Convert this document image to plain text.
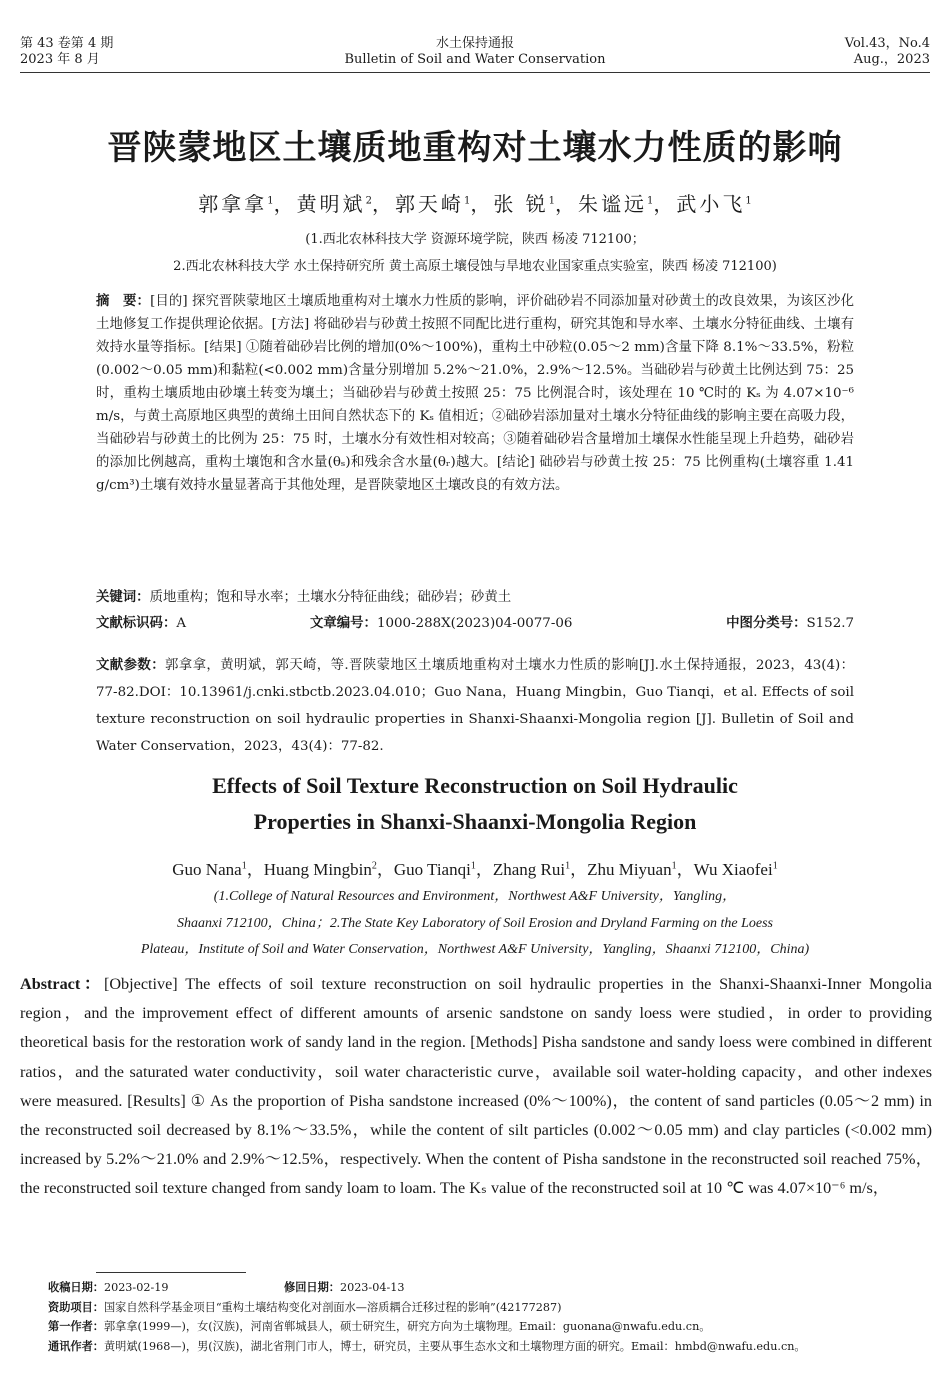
第 43 卷第 4 期
2023 年 8 月
水土保持通报
Bulletin of Soil and Water Conservation
Vol.43，No.4
Aug.，2023
晋陕蒙地区土壤质地重构对土壤水力性质的影响
郭拿拿$^1$，黄明斌$^2$，郭天崎$^1$，张 锐$^1$，朱谧远$^1$，武小飞$^1$
(1.西北农林科技大学 资源环境学院，陕西 杨凌 712100；
2.西北农林科技大学 水土保持研究所 黄土高原土壤侵蚀与旱地农业国家重点实验室，陕西 杨凌 712100)
摘　要：[目的] 探究晋陕蒙地区土壤质地重构对土壤水力性质的影响，评价础砂岩不同添加量对砂黄土的改良效果，为该区沙化土地修复工作提供理论依据。[方法] 将础砂岩与砂黄土按照不同配比进行重构，研究其饱和导水率、土壤水分特征曲线、土壤有效持水量等指标。[结果] ①随着础砂岩比例的增加(0%～100%)，重构土中砂粒(0.05～2 mm)含量下降 8.1%～33.5%，粉粒(0.002～0.05 mm)和黏粒(<0.002 mm)含量分别增加 5.2%～21.0%，2.9%～12.5%。当础砂岩与砂黄土比例达到 75：25 时，重构土壤质地由砂壤土转变为壤土；当础砂岩与砂黄土按照 25：75 比例混合时，该处理在 10 ℃时的 Kₛ 为 4.07×10⁻⁶ m/s，与黄土高原地区典型的黄绵土田间自然状态下的 Kₛ 值相近；②础砂岩添加量对土壤水分特征曲线的影响主要在高吸力段，当础砂岩与砂黄土的比例为 25：75 时，土壤水分有效性相对较高；③随着础砂岩含量增加土壤保水性能呈现上升趋势，础砂岩的添加比例越高，重构土壤饱和含水量(θₛ)和残余含水量(θᵣ)越大。[结论] 础砂岩与砂黄土按 25：75 比例重构(土壤容重 1.41 g/cm³)土壤有效持水量显著高于其他处理，是晋陕蒙地区土壤改良的有效方法。
关键词：质地重构；饱和导水率；土壤水分特征曲线；础砂岩；砂黄土
文献标识码：A	文章编号：1000-288X(2023)04-0077-06	中图分类号：S152.7
文献参数：郭拿拿，黄明斌，郭天崎，等.晋陕蒙地区土壤质地重构对土壤水力性质的影响[J].水土保持通报，2023，43(4)：77-82.DOI：10.13961/j.cnki.stbctb.2023.04.010；Guo Nana，Huang Mingbin，Guo Tianqi，et al. Effects of soil texture reconstruction on soil hydraulic properties in Shanxi-Shaanxi-Mongolia region [J]. Bulletin of Soil and Water Conservation，2023，43(4)：77-82.
Effects of Soil Texture Reconstruction on Soil Hydraulic
Properties in Shanxi-Shaanxi-Mongolia Region
Guo Nana$^1$，Huang Mingbin$^2$，Guo Tianqi$^1$，Zhang Rui$^1$，Zhu Miyuan$^1$，Wu Xiaofei$^1$
(1.College of Natural Resources and Environment，Northwest A&F University，Yangling，
Shaanxi 712100，China；2.The State Key Laboratory of Soil Erosion and Dryland Farming on the Loess
Plateau，Institute of Soil and Water Conservation，Northwest A&F University，Yangling，Shaanxi 712100，China)
Abstract：[Objective] The effects of soil texture reconstruction on soil hydraulic properties in the Shanxi-Shaanxi-Inner Mongolia region，and the improvement effect of different amounts of arsenic sandstone on sandy loess were studied，in order to providing theoretical basis for the restoration work of sandy land in the region. [Methods] Pisha sandstone and sandy loess were combined in different ratios，and the saturated water conductivity，soil water characteristic curve，available soil water-holding capacity，and other indexes were measured. [Results] ① As the proportion of Pisha sandstone increased (0%～100%)，the content of sand particles (0.05～2 mm) in the reconstructed soil decreased by 8.1%～33.5%，while the content of silt particles (0.002～0.05 mm) and clay particles (<0.002 mm) increased by 5.2%～21.0% and 2.9%～12.5%，respectively. When the content of Pisha sandstone in the reconstructed soil reached 75%，the reconstructed soil texture changed from sandy loam to loam. The Kₛ value of the reconstructed soil at 10 ℃ was 4.07×10⁻⁶ m/s，
收稿日期：2023-02-19	修回日期：2023-04-13
资助项目：国家自然科学基金项目“重构土壤结构变化对剖面水—溶质耦合迁移过程的影响”(42177287)
第一作者：郭拿拿(1999—)，女(汉族)，河南省郸城县人，硕士研究生，研究方向为土壤物理。Email：guonana@nwafu.edu.cn。
通讯作者：黄明斌(1968—)，男(汉族)，湖北省荆门市人，博士，研究员，主要从事生态水文和土壤物理方面的研究。Email：hmbd@nwafu.edu.cn。
